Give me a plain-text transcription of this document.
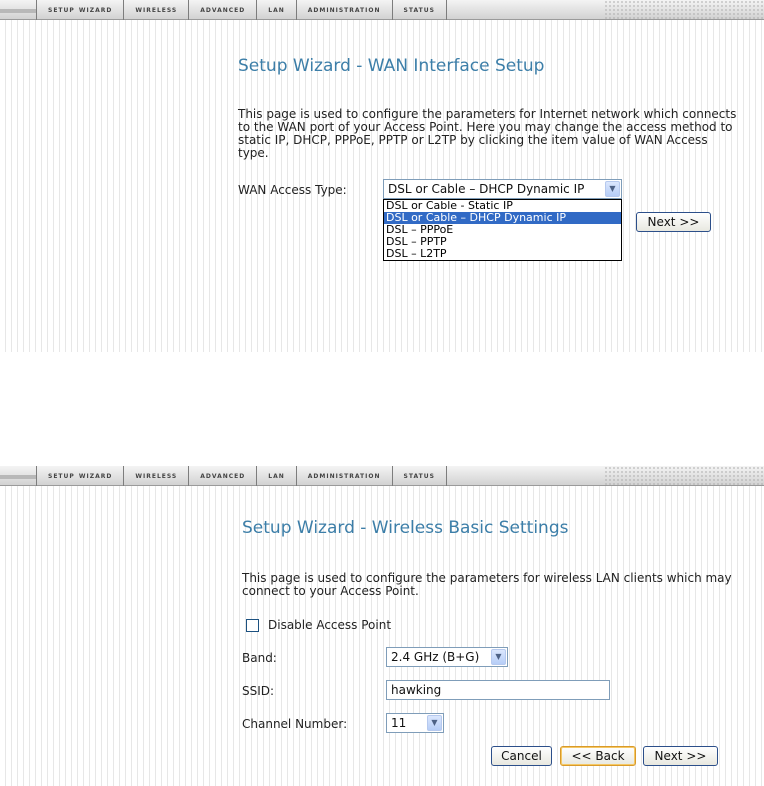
setup wizard	wireless	advanced	lan	administration	status
Setup Wizard - WAN Interface Setup
This page is used to configure the parameters for Internet network which connects to the WAN port of your Access Point. Here you may change the access method to static IP, DHCP, PPPoE, PPTP or L2TP by clicking the item value of WAN Access type.
WAN Access Type:	DSL or Cable – DHCP Dynamic IP	▼
DSL or Cable - Static IP
DSL or Cable – DHCP Dynamic IP
DSL – PPPoE
DSL – PPTP
DSL – L2TP
Next >>
setup wizard	wireless	advanced	lan	administration	status
Setup Wizard - Wireless Basic Settings
This page is used to configure the parameters for wireless LAN clients which may connect to your Access Point.
Disable Access Point
Band:	2.4 GHz (B+G)	▼
SSID:	hawking
Channel Number:	11	▼
Cancel	<< Back	Next >>
